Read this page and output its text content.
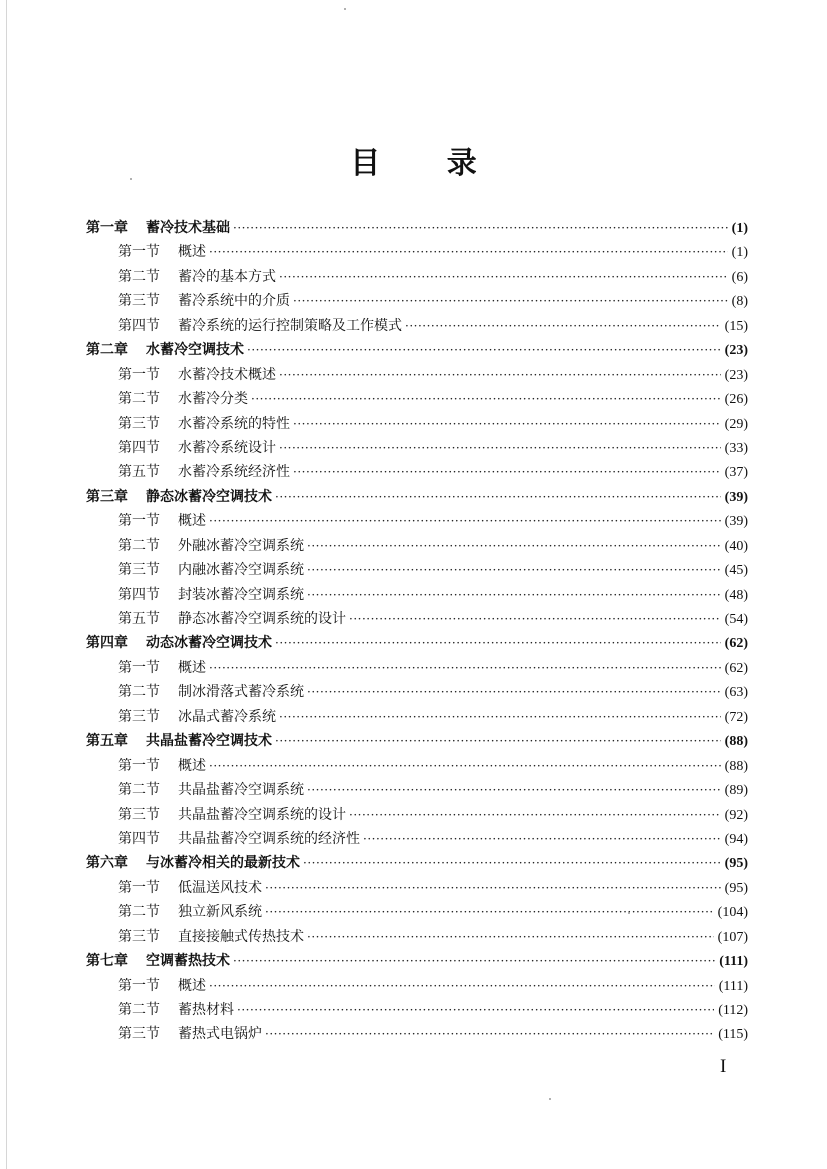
目 录
第一章 蓄冷技术基础 ·····	(1)
第一节 概述 ·····	(1)
第二节 蓄冷的基本方式 ·····	(6)
第三节 蓄冷系统中的介质 ·····	(8)
第四节 蓄冷系统的运行控制策略及工作模式 ·····	(15)
第二章 水蓄冷空调技术 ·····	(23)
第一节 水蓄冷技术概述 ·····	(23)
第二节 水蓄冷分类 ·····	(26)
第三节 水蓄冷系统的特性 ·····	(29)
第四节 水蓄冷系统设计 ·····	(33)
第五节 水蓄冷系统经济性 ·····	(37)
第三章 静态冰蓄冷空调技术 ·····	(39)
第一节 概述 ·····	(39)
第二节 外融冰蓄冷空调系统 ·····	(40)
第三节 内融冰蓄冷空调系统 ·····	(45)
第四节 封装冰蓄冷空调系统 ·····	(48)
第五节 静态冰蓄冷空调系统的设计 ·····	(54)
第四章 动态冰蓄冷空调技术 ·····	(62)
第一节 概述 ·····	(62)
第二节 制冰滑落式蓄冷系统 ·····	(63)
第三节 冰晶式蓄冷系统 ·····	(72)
第五章 共晶盐蓄冷空调技术 ·····	(88)
第一节 概述 ·····	(88)
第二节 共晶盐蓄冷空调系统 ·····	(89)
第三节 共晶盐蓄冷空调系统的设计 ·····	(92)
第四节 共晶盐蓄冷空调系统的经济性 ·····	(94)
第六章 与冰蓄冷相关的最新技术 ·····	(95)
第一节 低温送风技术 ·····	(95)
第二节 独立新风系统 ·····	(104)
第三节 直接接触式传热技术 ·····	(107)
第七章 空调蓄热技术 ·····	(111)
第一节 概述 ·····	(111)
第二节 蓄热材料 ·····	(112)
第三节 蓄热式电锅炉 ·····	(115)
I
